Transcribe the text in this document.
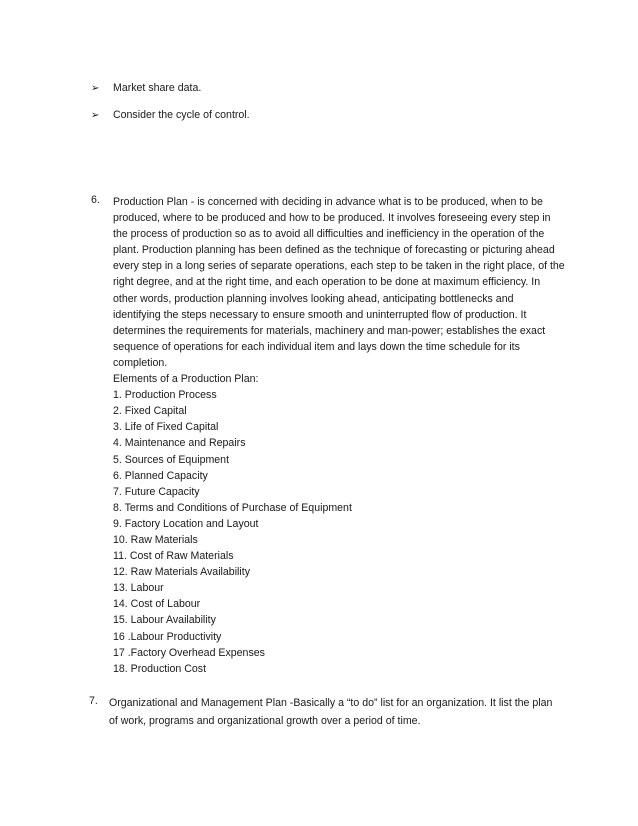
➢	Market share data.
➢	Consider the cycle of control.
6. Production Plan - is concerned with deciding in advance what is to be produced, when to be
produced, where to be produced and how to be produced. It involves foreseeing every step in
the process of production so as to avoid all difficulties and inefficiency in the operation of the
plant. Production planning has been defined as the technique of forecasting or picturing ahead
every step in a long series of separate operations, each step to be taken in the right place, of the
right degree, and at the right time, and each operation to be done at maximum efficiency. In
other words, production planning involves looking ahead, anticipating bottlenecks and
identifying the steps necessary to ensure smooth and uninterrupted flow of production. It
determines the requirements for materials, machinery and man-power; establishes the exact
sequence of operations for each individual item and lays down the time schedule for its
completion.
Elements of a Production Plan:
1. Production Process
2. Fixed Capital
3. Life of Fixed Capital
4. Maintenance and Repairs
5. Sources of Equipment
6. Planned Capacity
7. Future Capacity
8. Terms and Conditions of Purchase of Equipment
9. Factory Location and Layout
10. Raw Materials
11. Cost of Raw Materials
12. Raw Materials Availability
13. Labour
14. Cost of Labour
15. Labour Availability
16 .Labour Productivity
17 .Factory Overhead Expenses
18. Production Cost
7. Organizational and Management Plan -Basically a “to do” list for an organization. It list the plan
of work, programs and organizational growth over a period of time.
